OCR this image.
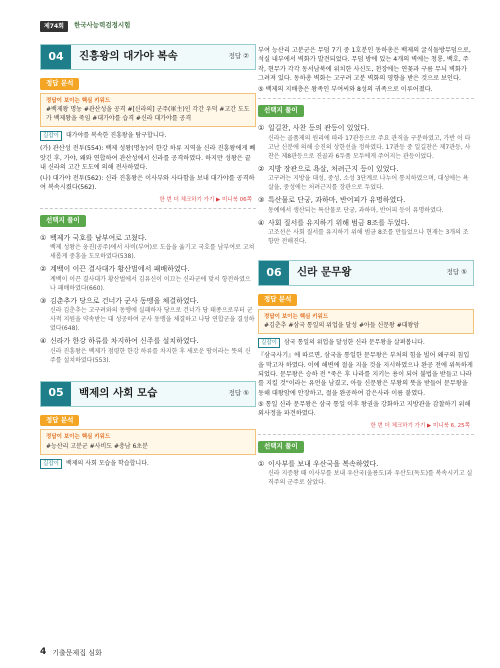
제74회	한국사능력검정시험
04	진흥왕의 대가야 복속	정답 ②
정답 분석
정답이 보이는 핵심 키워드
#백제왕 명농 #관산성을 공격 #[신라의] 군주(軍主)인 각간 우덕 #고간 도도가 백제왕을 죽임 #대가야를 습격 #신라 대가야를 공격
길잡이	대가야를 복속한 진흥왕을 탐구합니다.
(가) 관산성 전투(554): 백제 성왕(명농)이 한강 하류 지역을 신라 진흥왕에게 빼앗긴 후, 가야, 왜와 연합하여 관산성에서 신라를 공격하였다. 하지만 성왕은 끝내 신라의 고간 도도에 의해 전사하였다.
(나) 대가야 전투(562): 신라 진흥왕은 이사부와 사다함을 보내 대가야를 공격하여 복속시켰다(562).
한 번 더 체크하기 가기 ▶ 미니북 06쪽
선택지 풀이
① 백제가 국호를 남부여로 고쳤다.
백제 성왕은 웅진(공주)에서 사비(부여)로 도읍을 옮기고 국호를 남부여로 고쳐 새롭게 중흥을 도모하였다(538).
② 계백이 이끈 결사대가 황산벌에서 패배하였다.
계백이 이끈 결사대가 황산벌에서 김유신이 이끄는 신라군에 맞서 항전하였으나 패배하였다(660).
③ 김춘추가 당으로 건너가 군사 동맹을 체결하였다.
신라 김춘추는 고구려와의 동맹에 실패하자 당으로 건너가 당 태종으로부터 군사적 지원을 약속받는 대 성공하여 군사 동맹을 체결하고 나당 연합군을 결성하였다(648).
④ 신라가 한강 하류를 차지하여 신주를 설치하였다.
신라 진흥왕은 백제가 점령한 한강 하류를 차지한 후 새로운 땅이라는 뜻의 신주를 설치하였다(553).
05	백제의 사회 모습	정답 ⑤
정답 분석
정답이 보이는 핵심 키워드
#능산리 고분군 #사비도 #충남 6초분
길잡이	백제의 사회 모습을 학습합니다.
부여 능산리 고분군은 무덤 7기 중 1호분인 동하총은 백제의 굴식돌방무덤으로, 석실 내부에서 벽화가 발견되었다. 무덤 방에 있는 4개의 벽에는 청룡, 백호, 주작, 현무가 각각 동서남북에 위치한 사신도, 천장에는 연꽃과 구름 무늬 벽화가 그려져 있다. 동하총 벽화는 고구려 고분 벽화의 영향을 받은 것으로 보인다.
⑤ 백제의 지배층은 왕족인 부여씨와 8성의 귀족으로 이루어졌다.
선택지 풀이
① 일길찬, 사찬 등의 관등이 있었다.
신라는 골품제의 원리에 따라 17관등으로 주요 관직을 구분하였고, 가반 이 타고난 신분에 의해 승진의 상한선을 정하였다. 17관등 중 일길찬은 제7관등, 사찬은 제8관등으로 진골과 6두품 모두에게 주어지는 관등이었다.
② 지방 장관으로 욕살, 처려근지 등이 있었다.
고구려는 지방을 대성, 중성, 소성 3단계로 나누어 통치하였으며, 대성에는 욕살을, 중성에는 처려근지를 장관으로 두었다.
③ 특산물로 단궁, 과하마, 반어피가 유명하였다.
동예에서 생산되는 특산물로 단궁, 과하마, 반어피 등이 유명하였다.
④ 사회 질서를 유지하기 위해 범금 8조를 두었다.
고조선은 사회 질서를 유지하기 위해 범금 8조를 만들었으나 현재는 3개의 조항만 전해진다.
06	신라 문무왕	정답 ⑤
정답 분석
정답이 보이는 핵심 키워드
#김춘추 #삼국 통일의 위업을 달성 #아들 신문왕 #대왕암
길잡이	삼국 통일의 위업을 달성한 신라 문무왕을 살펴봅니다.
『삼국사기』에 따르면, 삼국을 통일한 문무왕은 부처의 힘을 빌어 왜구의 침입을 막고자 하였다. 이에 해변에 절을 지을 것을 지시하였으나 완공 전에 위독하게 되었다. 문무왕은 승하 전 "죽은 후 나라를 지키는 용이 되어 불법을 받들고 나라를 지킬 것"이라는 유언을 남겼고, 아들 신문왕은 부왕의 뜻을 받들어 문무왕을 동해 대왕암에 안장하고, 절을 완공하여 감은사라 이름 붙였다.
⑤ 통일 신라 문무왕은 삼국 통일 이후 왕권을 강화하고 지방관을 감찰하기 위해 외사정을 파견하였다.
한 번 더 체크하기 가기 ▶ 미니북 6, 25쪽
선택지 풀이
① 이사부를 보내 우산국을 복속하였다.
신라 지증왕 때 이사부를 보내 우산국(울릉도)과 우산도(독도)를 복속시키고 실직주의 군주로 삼았다.
4 기출문제집 심화
